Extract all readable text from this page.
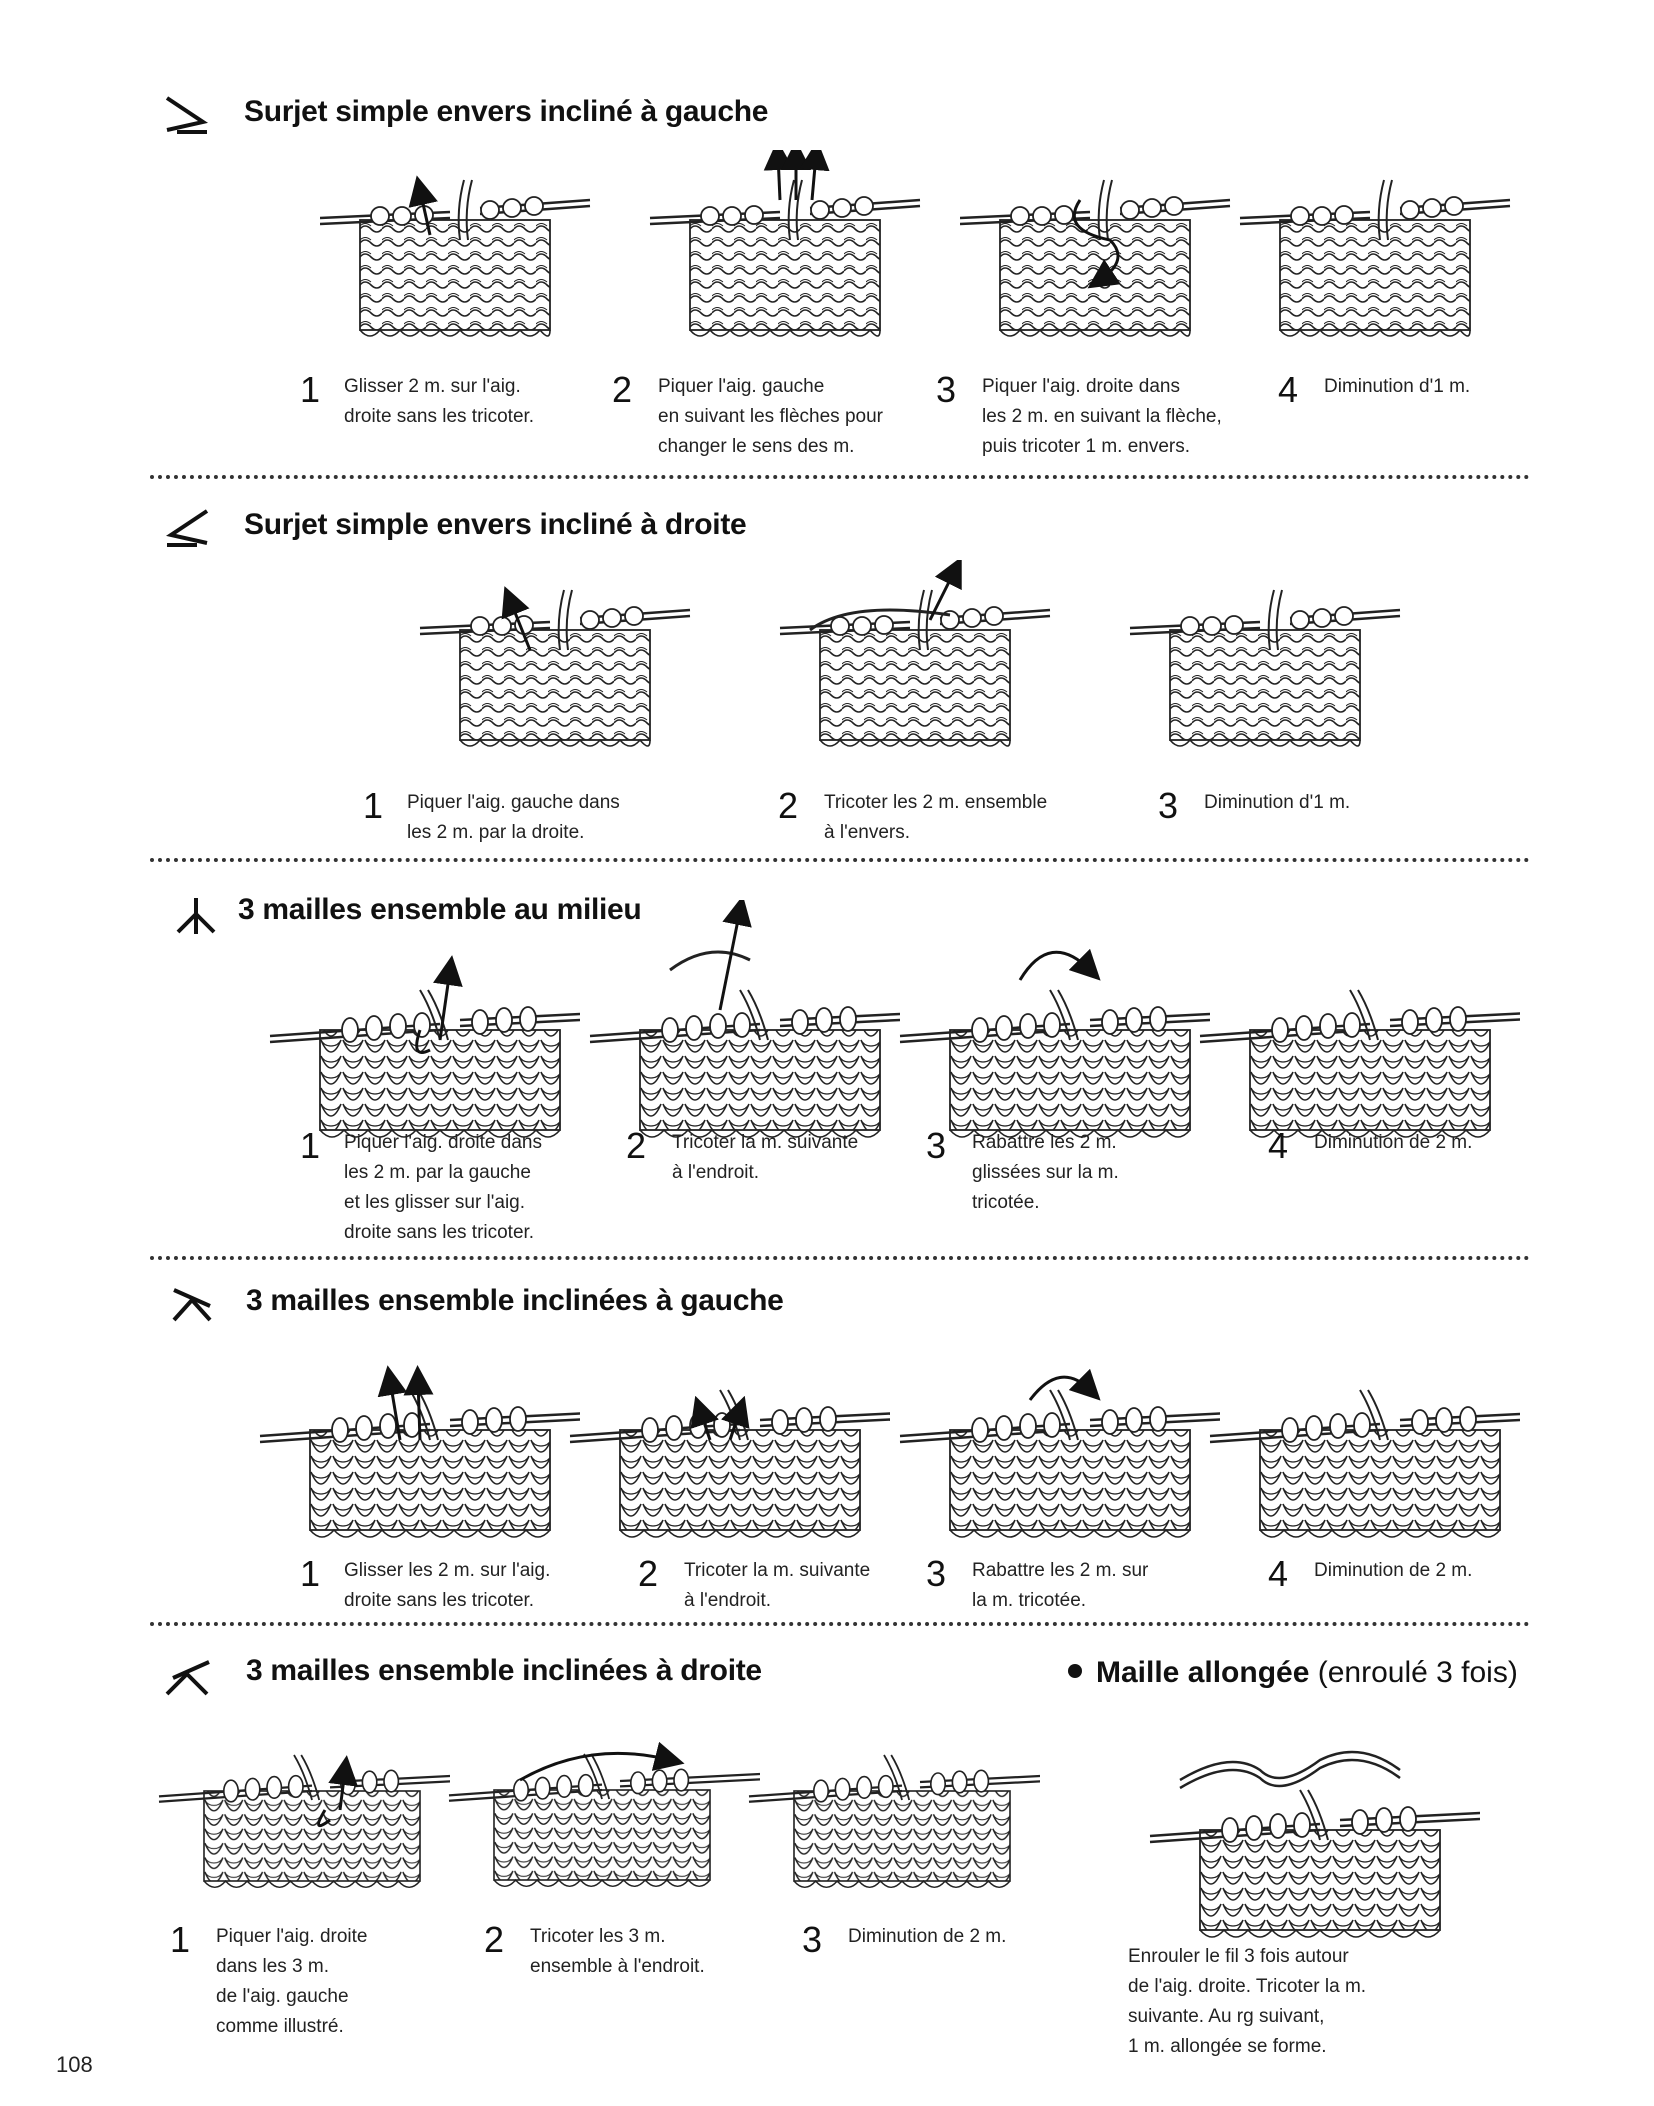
Surjet simple envers incliné à gauche
1 Glisser 2 m. sur l'aig.
droite sans les tricoter.
2 Piquer l'aig. gauche
en suivant les flèches pour
changer le sens des m.
3 Piquer l'aig. droite dans
les 2 m. en suivant la flèche,
puis tricoter 1 m. envers.
4 Diminution d'1 m.
Surjet simple envers incliné à droite
1 Piquer l'aig. gauche dans
les 2 m. par la droite.
2 Tricoter les 2 m. ensemble
à l'envers.
3 Diminution d'1 m.
3 mailles ensemble au milieu
1 Piquer l'aig. droite dans
les 2 m. par la gauche
et les glisser sur l'aig.
droite sans les tricoter.
2 Tricoter la m. suivante
à l'endroit.
3 Rabattre les 2 m.
glissées sur la m.
tricotée.
4 Diminution de 2 m.
3 mailles ensemble inclinées à gauche
1 Glisser les 2 m. sur l'aig.
droite sans les tricoter.
2 Tricoter la m. suivante
à l'endroit.
3 Rabattre les 2 m. sur
la m. tricotée.
4 Diminution de 2 m.
3 mailles ensemble inclinées à droite	Maille allongée (enroulé 3 fois)
1 Piquer l'aig. droite
dans les 3 m.
de l'aig. gauche
comme illustré.
2 Tricoter les 3 m.
ensemble à l'endroit.
3 Diminution de 2 m.
Enrouler le fil 3 fois autour
de l'aig. droite. Tricoter la m.
suivante. Au rg suivant,
1 m. allongée se forme.
108
